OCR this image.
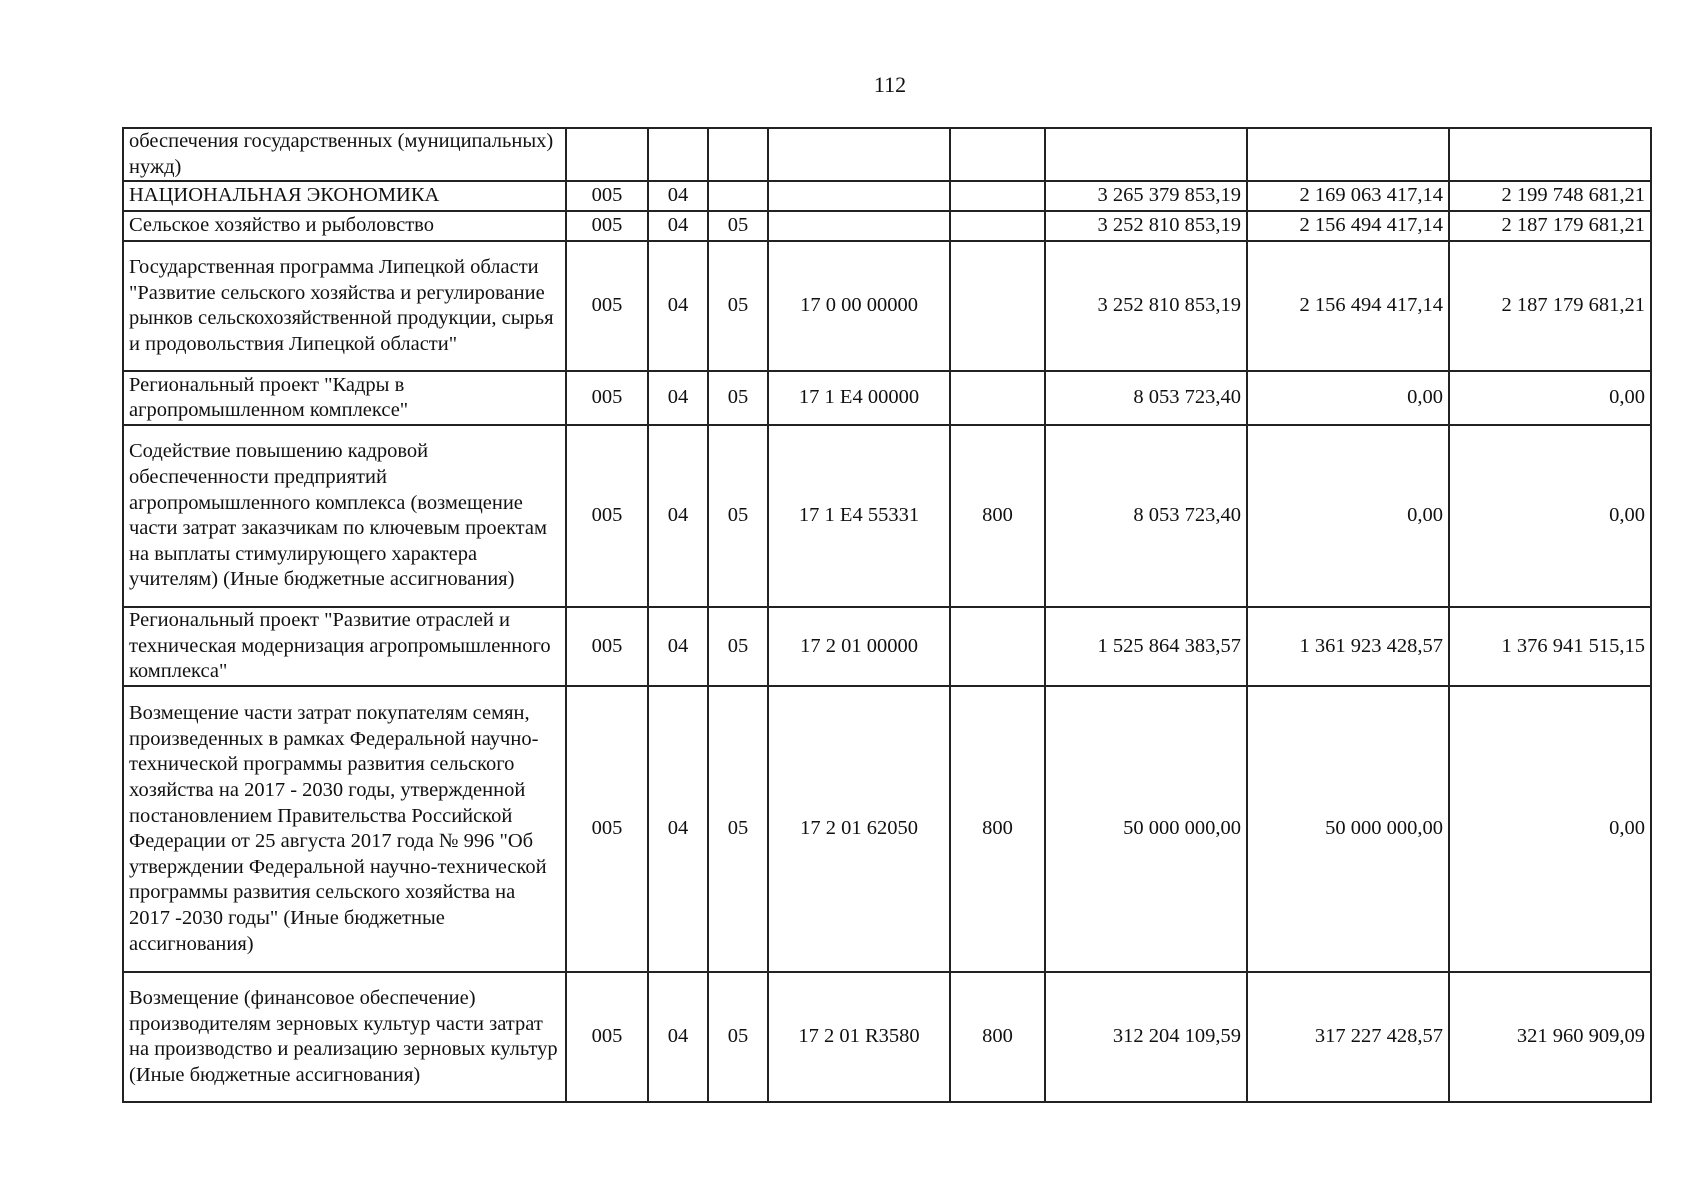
112
обеспечения государственных (муниципальных) нужд)								
НАЦИОНАЛЬНАЯ ЭКОНОМИКА	005	04				3 265 379 853,19	2 169 063 417,14	2 199 748 681,21
Сельское хозяйство и рыболовство	005	04	05			3 252 810 853,19	2 156 494 417,14	2 187 179 681,21
Государственная программа Липецкой области "Развитие сельского хозяйства и регулирование рынков сельскохозяйственной продукции, сырья и продовольствия Липецкой области"	005	04	05	17 0 00 00000		3 252 810 853,19	2 156 494 417,14	2 187 179 681,21
Региональный проект "Кадры в агропромышленном комплексе"	005	04	05	17 1 E4 00000		8 053 723,40	0,00	0,00
Содействие повышению кадровой обеспеченности предприятий агропромышленного комплекса (возмещение части затрат заказчикам по ключевым проектам на выплаты стимулирующего характера учителям) (Иные бюджетные ассигнования)	005	04	05	17 1 E4 55331	800	8 053 723,40	0,00	0,00
Региональный проект "Развитие отраслей и техническая модернизация агропромышленного комплекса"	005	04	05	17 2 01 00000		1 525 864 383,57	1 361 923 428,57	1 376 941 515,15
Возмещение части затрат покупателям семян, произведенных в рамках Федеральной научно-технической программы развития сельского хозяйства на 2017 - 2030 годы, утвержденной постановлением Правительства Российской Федерации от 25 августа 2017 года № 996 "Об утверждении Федеральной научно-технической программы развития сельского хозяйства на 2017 -2030 годы" (Иные бюджетные ассигнования)	005	04	05	17 2 01 62050	800	50 000 000,00	50 000 000,00	0,00
Возмещение (финансовое обеспечение) производителям зерновых культур части затрат на производство и реализацию зерновых культур (Иные бюджетные ассигнования)	005	04	05	17 2 01 R3580	800	312 204 109,59	317 227 428,57	321 960 909,09
